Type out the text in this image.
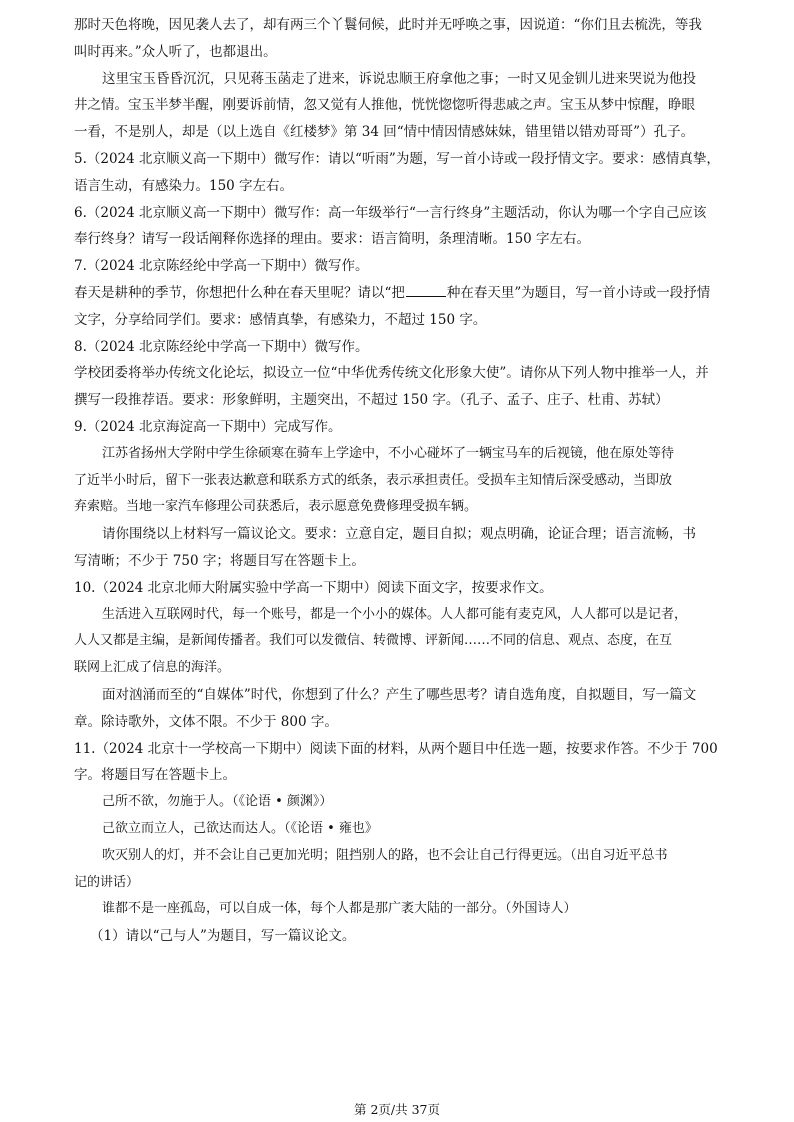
那时天色将晚，因见袭人去了，却有两三个丫鬟伺候，此时并无呼唤之事，因说道：“你们且去梳洗，等我
叫时再来。”众人听了，也都退出。
这里宝玉昏昏沉沉，只见蒋玉菡走了进来，诉说忠顺王府拿他之事；一时又见金钏儿进来哭说为他投
井之情。宝玉半梦半醒，刚要诉前情，忽又觉有人推他，恍恍惚惚听得悲戚之声。宝玉从梦中惊醒，睁眼
一看，不是别人，却是（以上选自《红楼梦》第 34 回“情中情因情感妹妹，错里错以错劝哥哥”）孔子。
5.（2024 北京顺义高一下期中）微写作：请以“听雨”为题，写一首小诗或一段抒情文字。要求：感情真挚，
语言生动，有感染力。150 字左右。
6.（2024 北京顺义高一下期中）微写作：高一年级举行“一言行终身”主题活动，你认为哪一个字自己应该
奉行终身？请写一段话阐释你选择的理由。要求：语言简明，条理清晰。150 字左右。
7.（2024 北京陈经纶中学高一下期中）微写作。
春天是耕种的季节，你想把什么种在春天里呢？请以“把	种在春天里”为题目，写一首小诗或一段抒情
文字，分享给同学们。要求：感情真挚，有感染力，不超过 150 字。
8.（2024 北京陈经纶中学高一下期中）微写作。
学校团委将举办传统文化论坛，拟设立一位“中华优秀传统文化形象大使”。请你从下列人物中推举一人，并
撰写一段推荐语。要求：形象鲜明，主题突出，不超过 150 字。（孔子、孟子、庄子、杜甫、苏轼）
9.（2024 北京海淀高一下期中）完成写作。
江苏省扬州大学附中学生徐硕寒在骑车上学途中，不小心碰坏了一辆宝马车的后视镜，他在原处等待
了近半小时后，留下一张表达歉意和联系方式的纸条，表示承担责任。受损车主知情后深受感动，当即放
弃索赔。当地一家汽车修理公司获悉后，表示愿意免费修理受损车辆。
请你围绕以上材料写一篇议论文。要求：立意自定，题目自拟；观点明确，论证合理；语言流畅，书
写清晰；不少于 750 字；将题目写在答题卡上。
10.（2024 北京北师大附属实验中学高一下期中）阅读下面文字，按要求作文。
生活进入互联网时代，每一个账号，都是一个小小的媒体。人人都可能有麦克风，人人都可以是记者，
人人又都是主编，是新闻传播者。我们可以发微信、转微博、评新闻……不同的信息、观点、态度，在互
联网上汇成了信息的海洋。
面对汹涌而至的“自媒体”时代，你想到了什么？产生了哪些思考？请自选角度，自拟题目，写一篇文
章。除诗歌外，文体不限。不少于 800 字。
11.（2024 北京十一学校高一下期中）阅读下面的材料，从两个题目中任选一题，按要求作答。不少于 700
字。将题目写在答题卡上。
己所不欲，勿施于人。（《论语 • 颜渊》）
己欲立而立人，己欲达而达人。（《论语 • 雍也》
吹灭别人的灯，并不会让自己更加光明；阻挡别人的路，也不会让自己行得更远。（出自习近平总书
记的讲话）
谁都不是一座孤岛，可以自成一体，每个人都是那广袤大陆的一部分。（外国诗人）
（1）请以“己与人”为题目，写一篇议论文。
第 2页/共 37页
